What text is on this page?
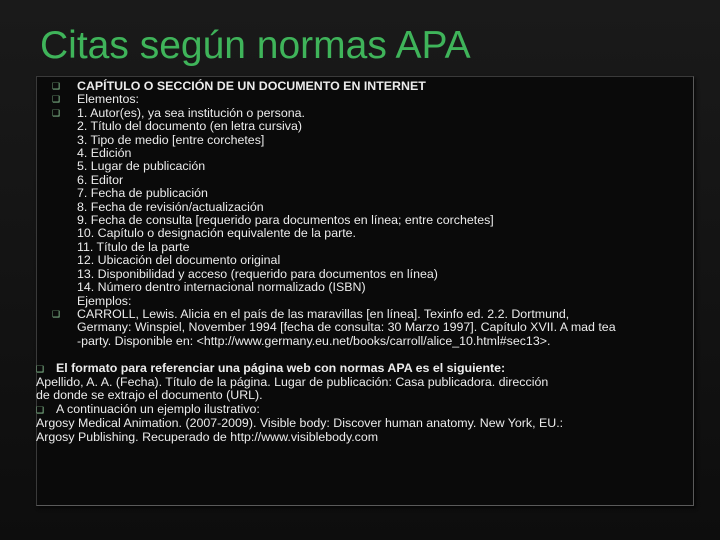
Citas según normas APA
❑ CAPÍTULO O SECCIÓN DE UN DOCUMENTO EN INTERNET
❑ Elementos:
❑ 1. Autor(es), ya sea institución o persona.
2. Título del documento (en letra cursiva)
3. Tipo de medio [entre corchetes]
4. Edición
5. Lugar de publicación
6. Editor
7. Fecha de publicación
8. Fecha de revisión/actualización
9. Fecha de consulta [requerido para documentos en línea; entre corchetes]
10. Capítulo o designación equivalente de la parte.
11. Título de la parte
12. Ubicación del documento original
13. Disponibilidad y acceso (requerido para documentos en línea)
14. Número dentro internacional normalizado (ISBN)
Ejemplos:
❑ CARROLL, Lewis. Alicia en el país de las maravillas [en línea]. Texinfo ed. 2.2. Dortmund,
Germany: Winspiel, November 1994 [fecha de consulta: 30 Marzo 1997]. Capítulo XVII. A mad tea
-party. Disponible en: <http://www.germany.eu.net/books/carroll/alice_10.html#sec13>.
❑ El formato para referenciar una página web con normas APA es el siguiente:
Apellido, A. A. (Fecha). Título de la página. Lugar de publicación: Casa publicadora. dirección
de donde se extrajo el documento (URL).
❑ A continuación un ejemplo ilustrativo:
Argosy Medical Animation. (2007-2009). Visible body: Discover human anatomy. New York, EU.:
Argosy Publishing. Recuperado de http://www.visiblebody.com
